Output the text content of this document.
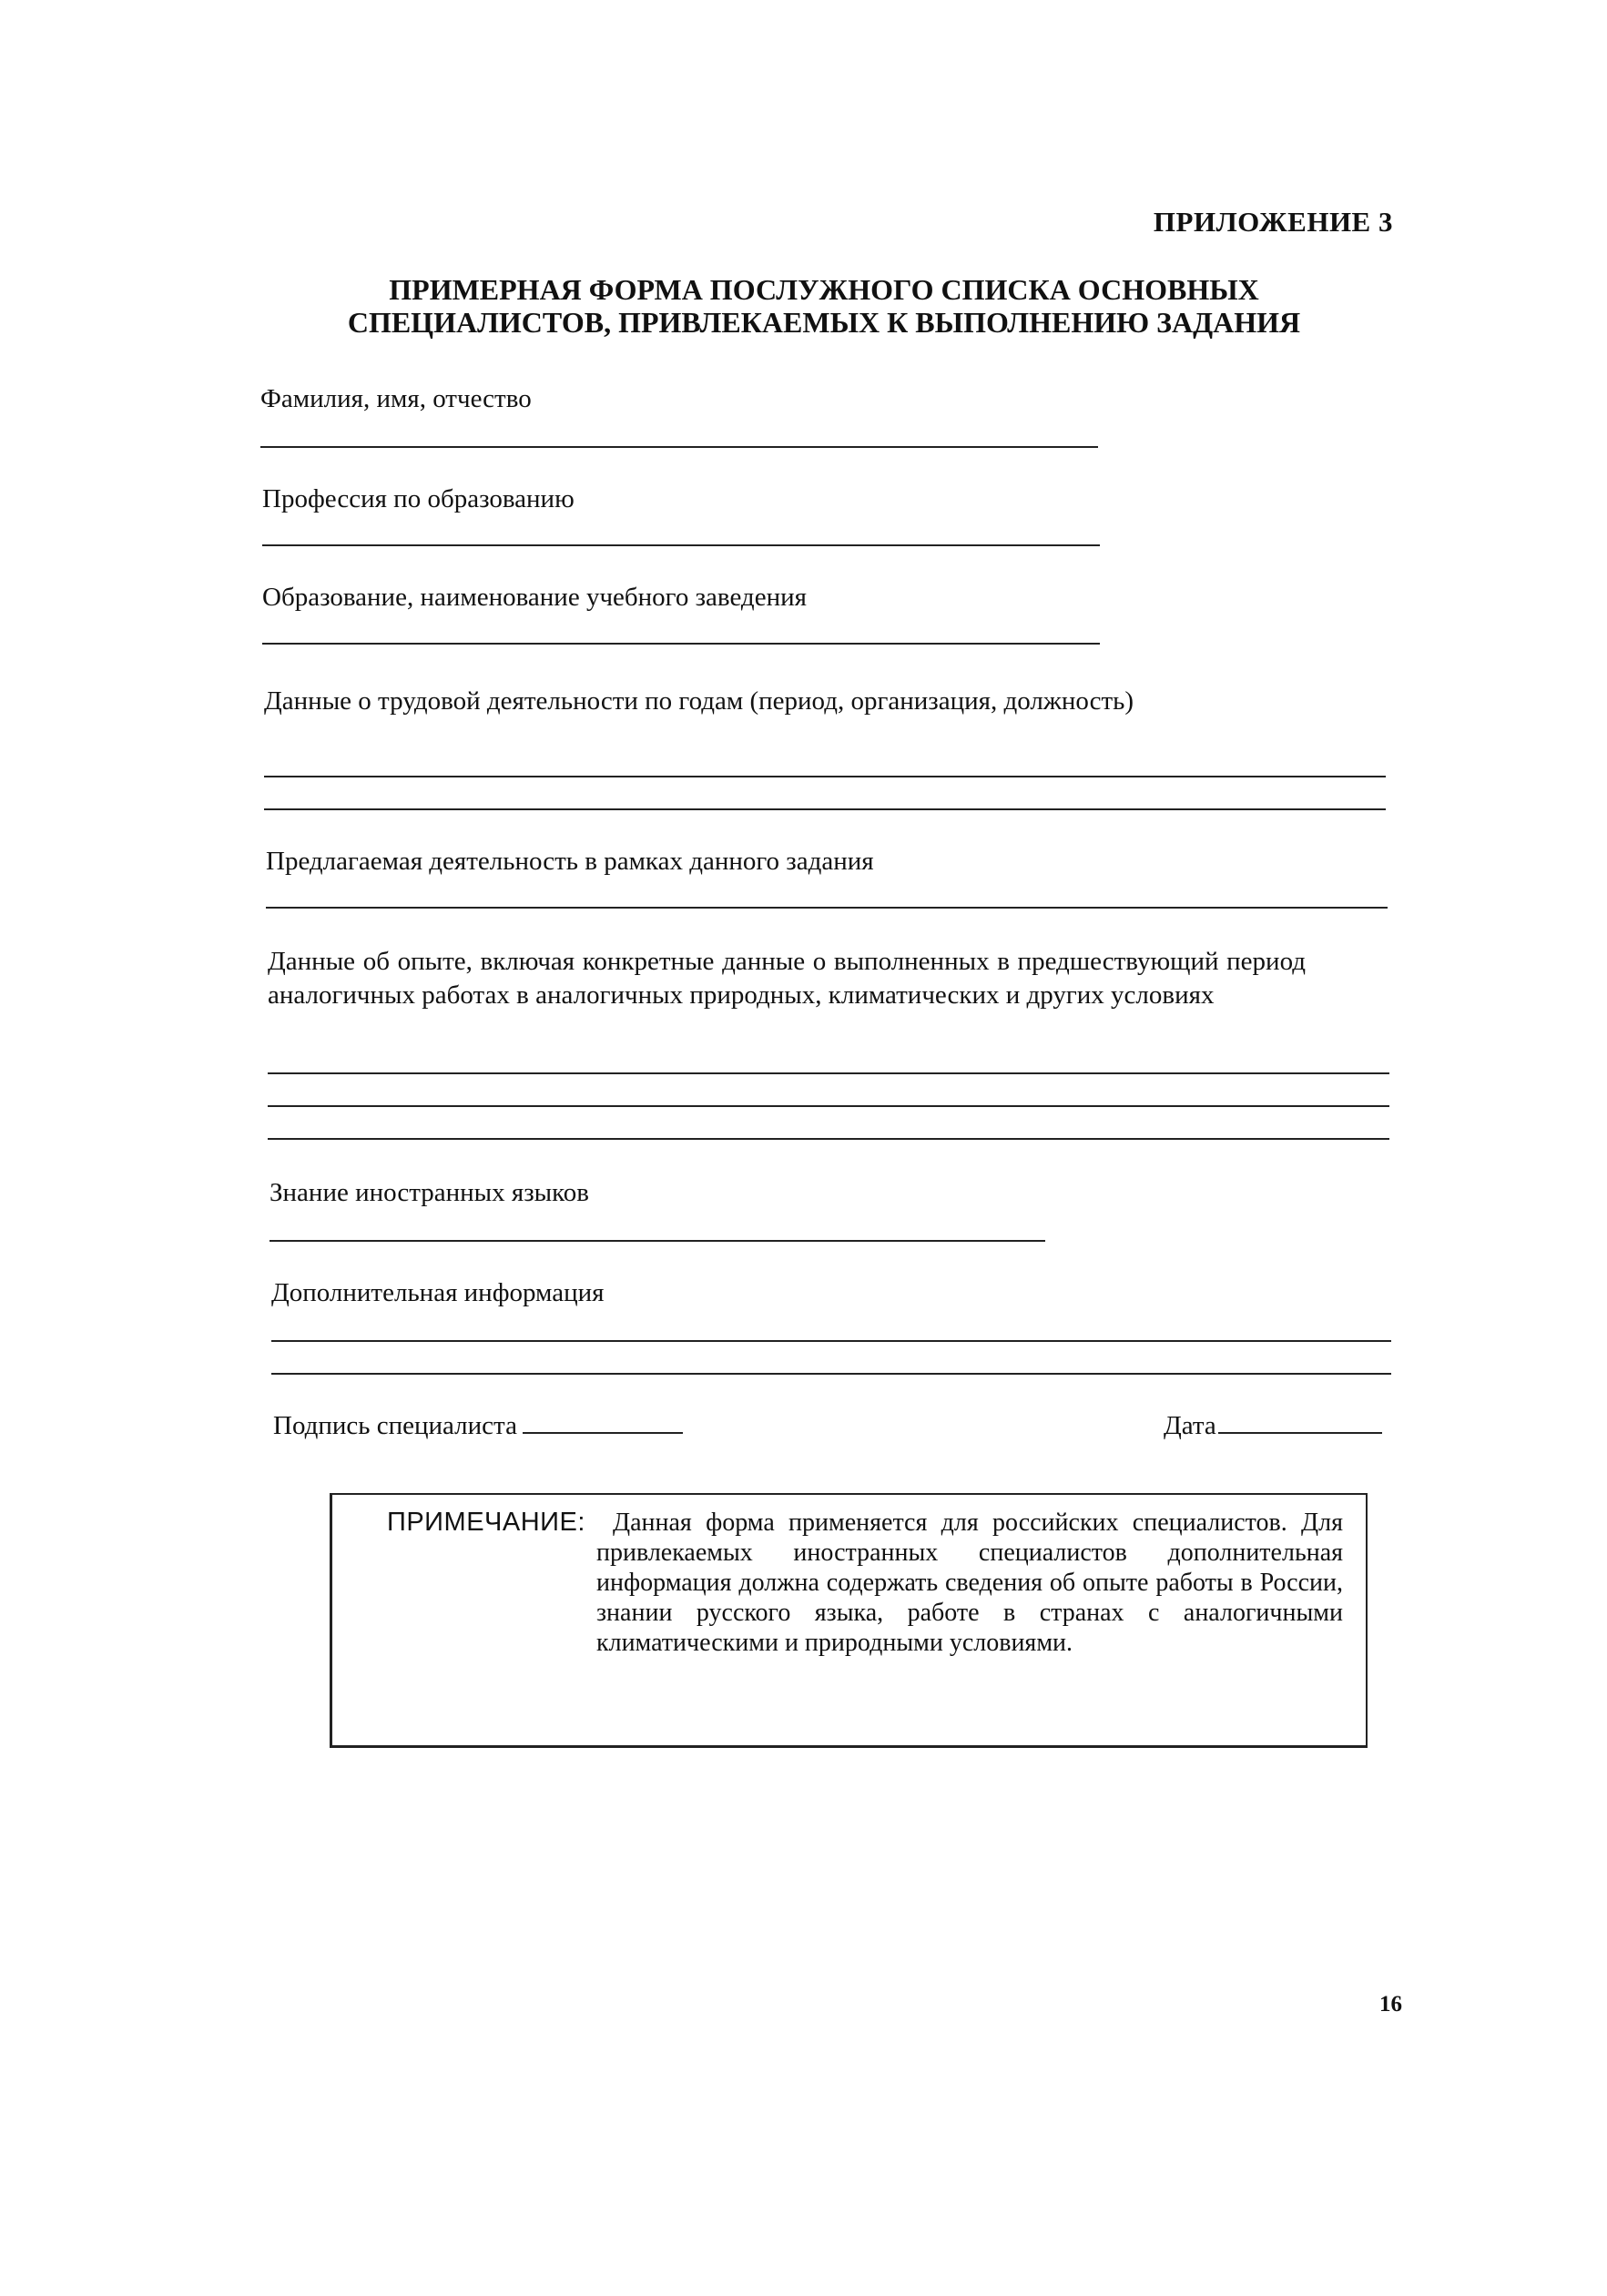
ПРИЛОЖЕНИЕ 3
ПРИМЕРНАЯ ФОРМА ПОСЛУЖНОГО СПИСКА ОСНОВНЫХ
СПЕЦИАЛИСТОВ, ПРИВЛЕКАЕМЫХ К ВЫПОЛНЕНИЮ ЗАДАНИЯ
Фамилия, имя, отчество
Профессия по образованию
Образование, наименование учебного заведения
Данные о трудовой деятельности по годам (период, организация, должность)
Предлагаемая деятельность в рамках данного задания
Данные об опыте, включая конкретные данные о выполненных в предшествующий период аналогичных работах в аналогичных природных, климатических и других условиях
Знание иностранных языков
Дополнительная информация
Подпись специалиста	Дата
ПРИМЕЧАНИЕ:	Данная форма применяется для российских специалистов. Для привлекаемых иностранных специалистов дополнительная информация должна содержать сведения об опыте работы в России, знании русского языка, работе в странах с аналогичными климатическими и природными условиями.
16
